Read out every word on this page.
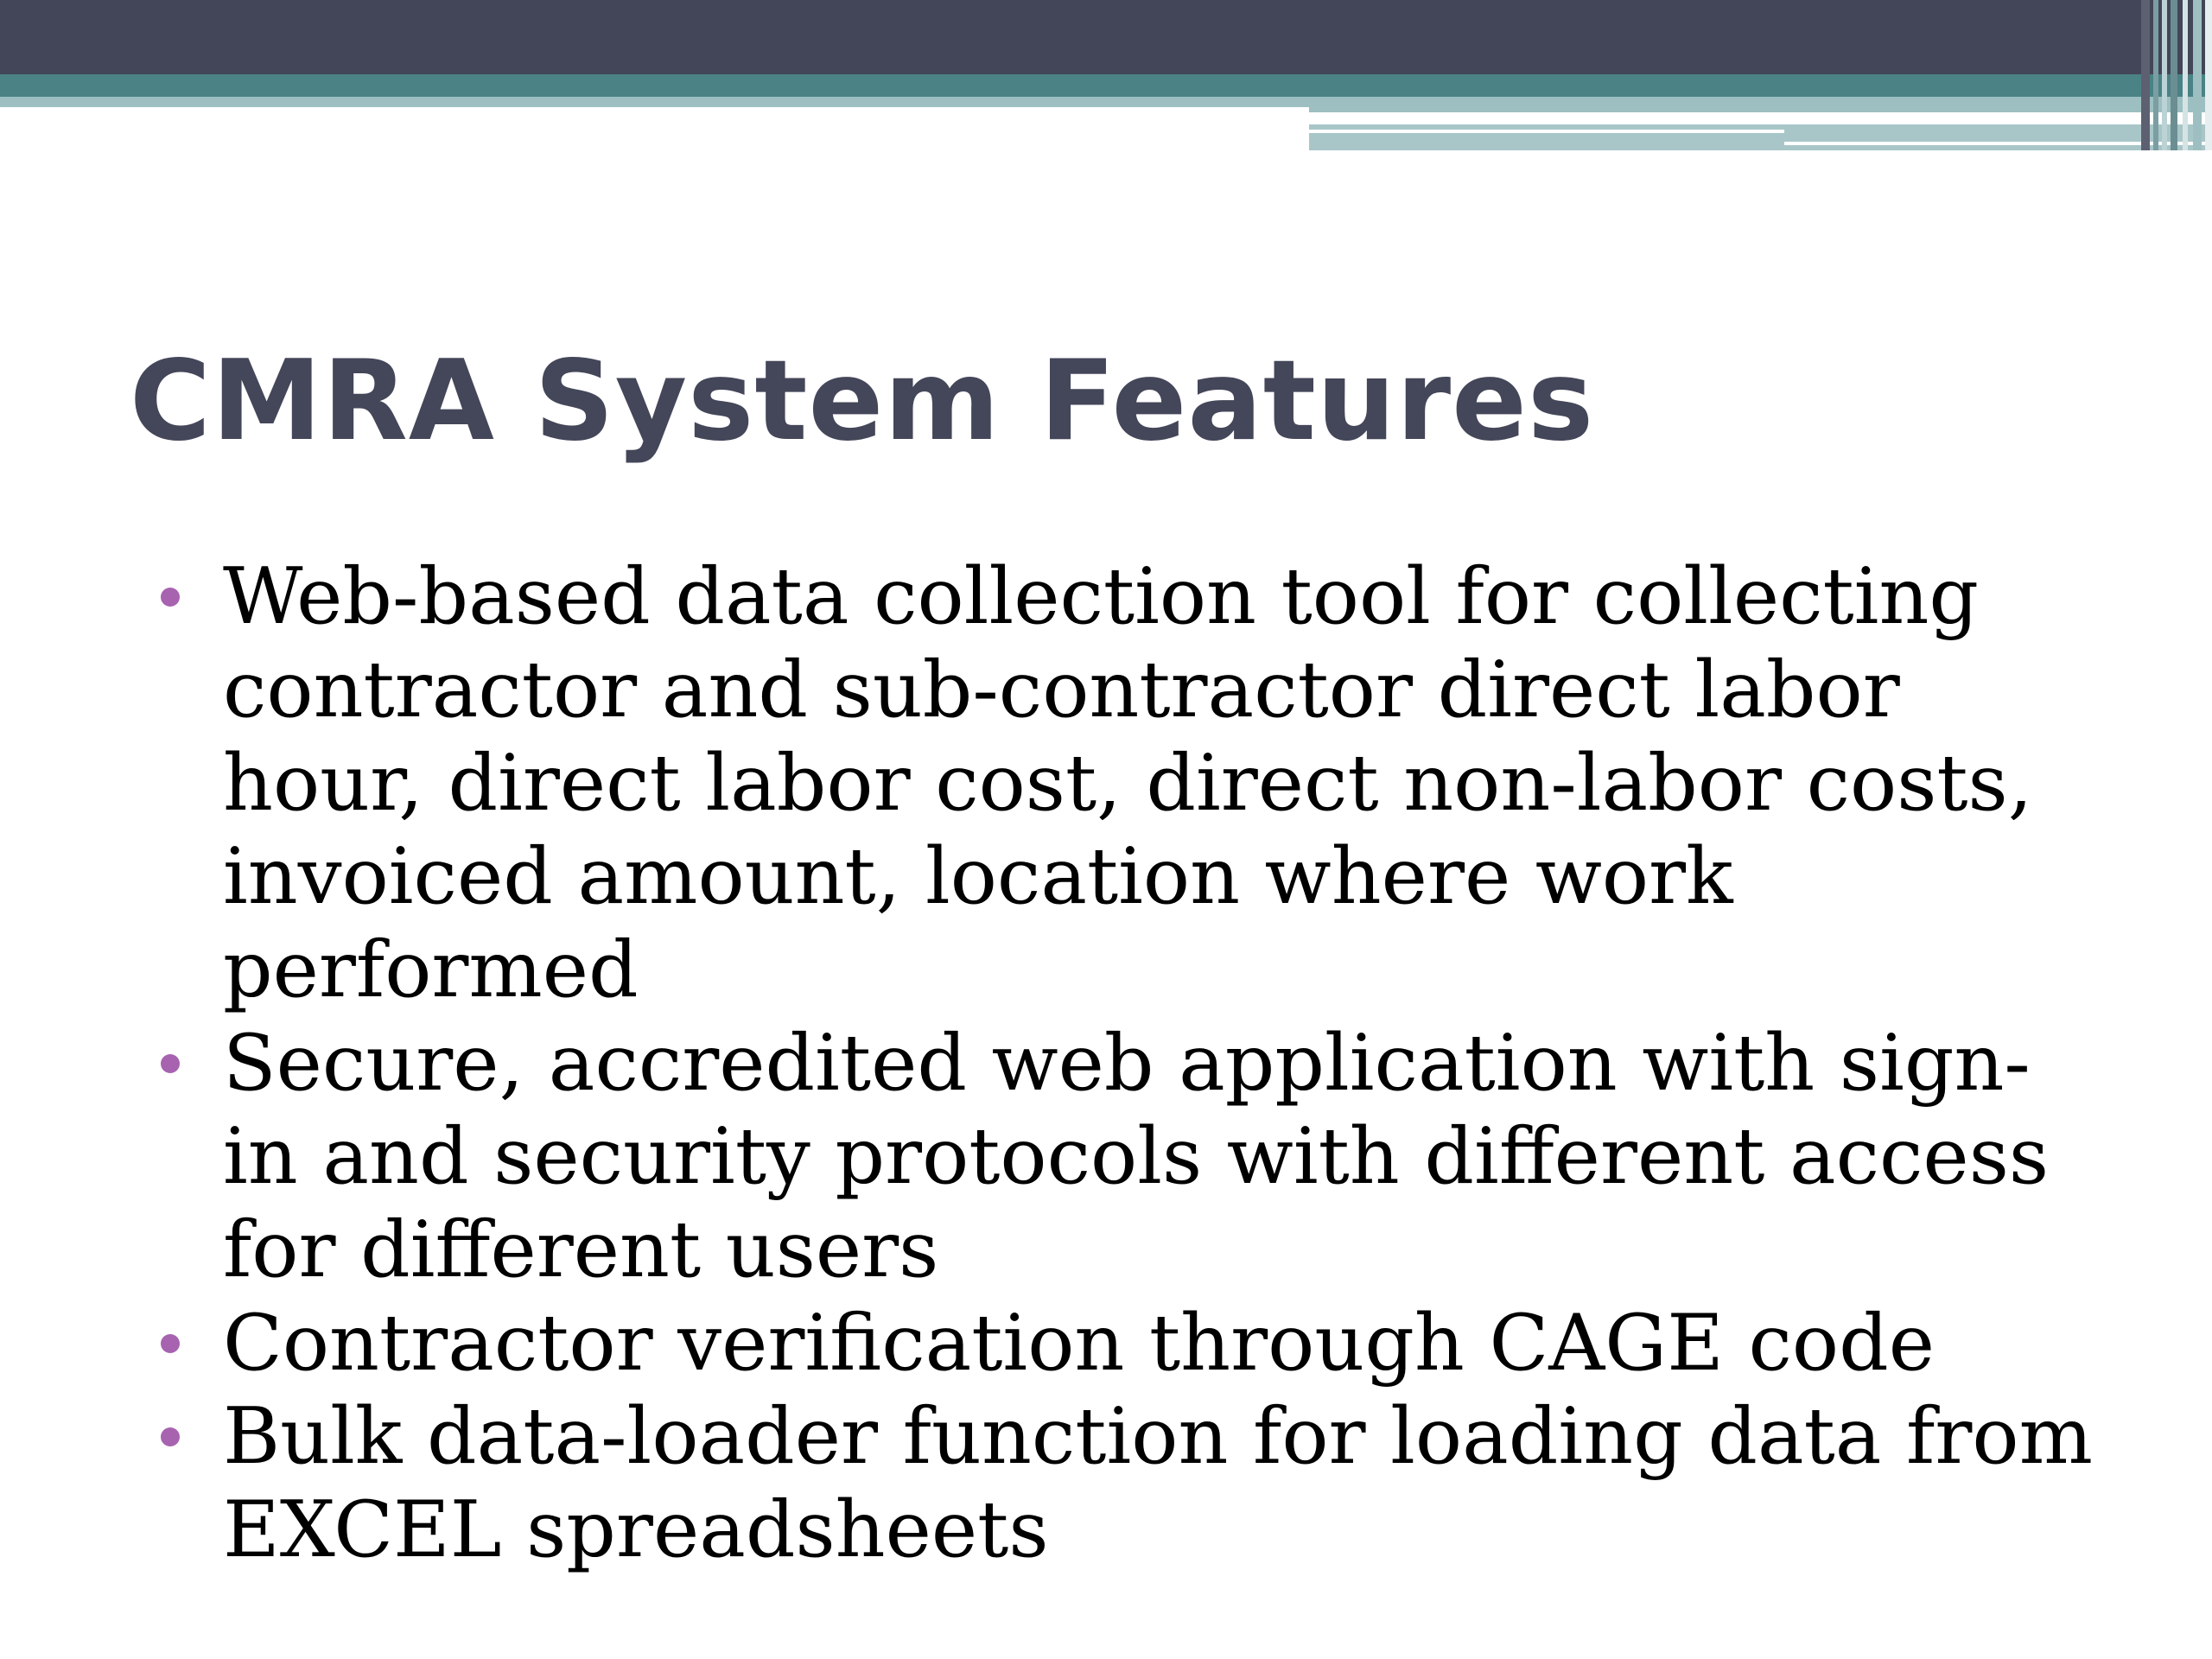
CMRA System Features
Web-based data collection tool for collecting contractor and sub-contractor direct labor hour, direct labor cost, direct non-labor costs, invoiced amount, location where work performed
Secure, accredited web application with sign-in and security protocols with different access for different users
Contractor verification through CAGE code
Bulk data-loader function for loading data from EXCEL spreadsheets
